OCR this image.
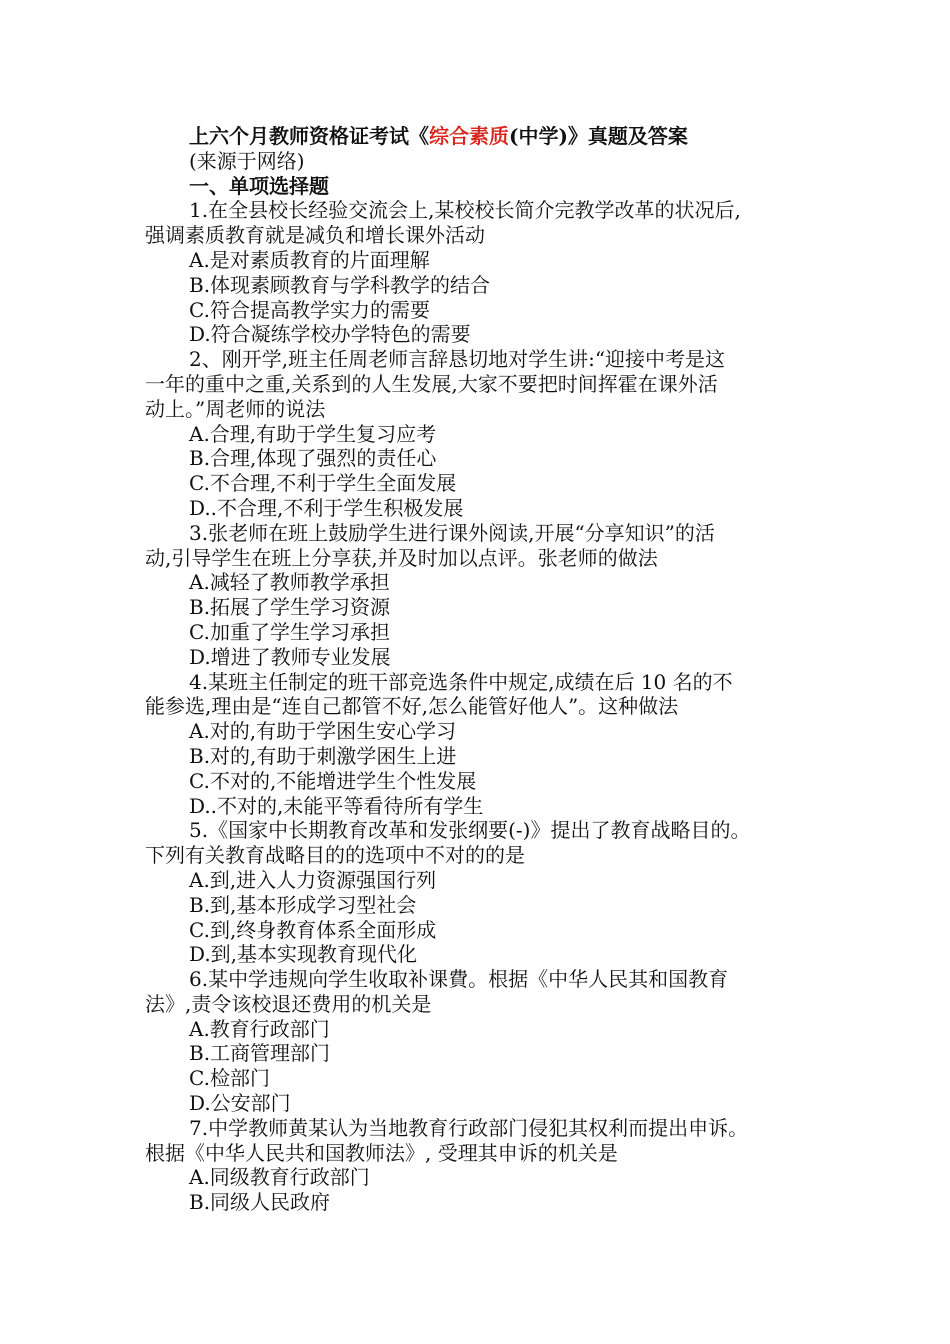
上六个月教师资格证考试《综合素质(中学)》真题及答案
(来源于网络)
一、单项选择题
1.在全县校长经验交流会上,某校校长简介完教学改革的状况后,
强调素质教育就是减负和增长课外活动
A.是对素质教育的片面理解
B.体现素顾教育与学科教学的结合
C.符合提高教学实力的需要
D.符合凝练学校办学特色的需要
2、刚开学,班主任周老师言辞恳切地对学生讲:“迎接中考是这
一年的重中之重,关系到的人生发展,大家不要把时间挥霍在课外活
动上。”周老师的说法
A.合理,有助于学生复习应考
B.合理,体现了强烈的责任心
C.不合理,不利于学生全面发展
D..不合理,不利于学生积极发展
3.张老师在班上鼓励学生进行课外阅读,开展“分享知识”的活
动,引导学生在班上分享获,并及时加以点评。张老师的做法
A.减轻了教师教学承担
B.拓展了学生学习资源
C.加重了学生学习承担
D.增进了教师专业发展
4.某班主任制定的班干部竞选条件中规定,成绩在后 10 名的不
能参选,理由是“连自己都管不好,怎么能管好他人”。这种做法
A.对的,有助于学困生安心学习
B.对的,有助于刺激学困生上进
C.不对的,不能增进学生个性发展
D..不对的,未能平等看待所有学生
5.《国家中长期教育改革和发张纲要(-)》提出了教育战略目的。
下列有关教育战略目的的选项中不对的的是
A.到,进入人力资源强国行列
B.到,基本形成学习型社会
C.到,终身教育体系全面形成
D.到,基本实现教育现代化
6.某中学违规向学生收取补课費。根据《中华人民其和国教育
法》,责令该校退还费用的机关是
A.教育行政部门
B.工商管理部门
C.检部门
D.公安部门
7.中学教师黄某认为当地教育行政部门侵犯其权利而提出申诉。
根据《中华人民共和国教师法》, 受理其申诉的机关是
A.同级教育行政部门
B.同级人民政府
